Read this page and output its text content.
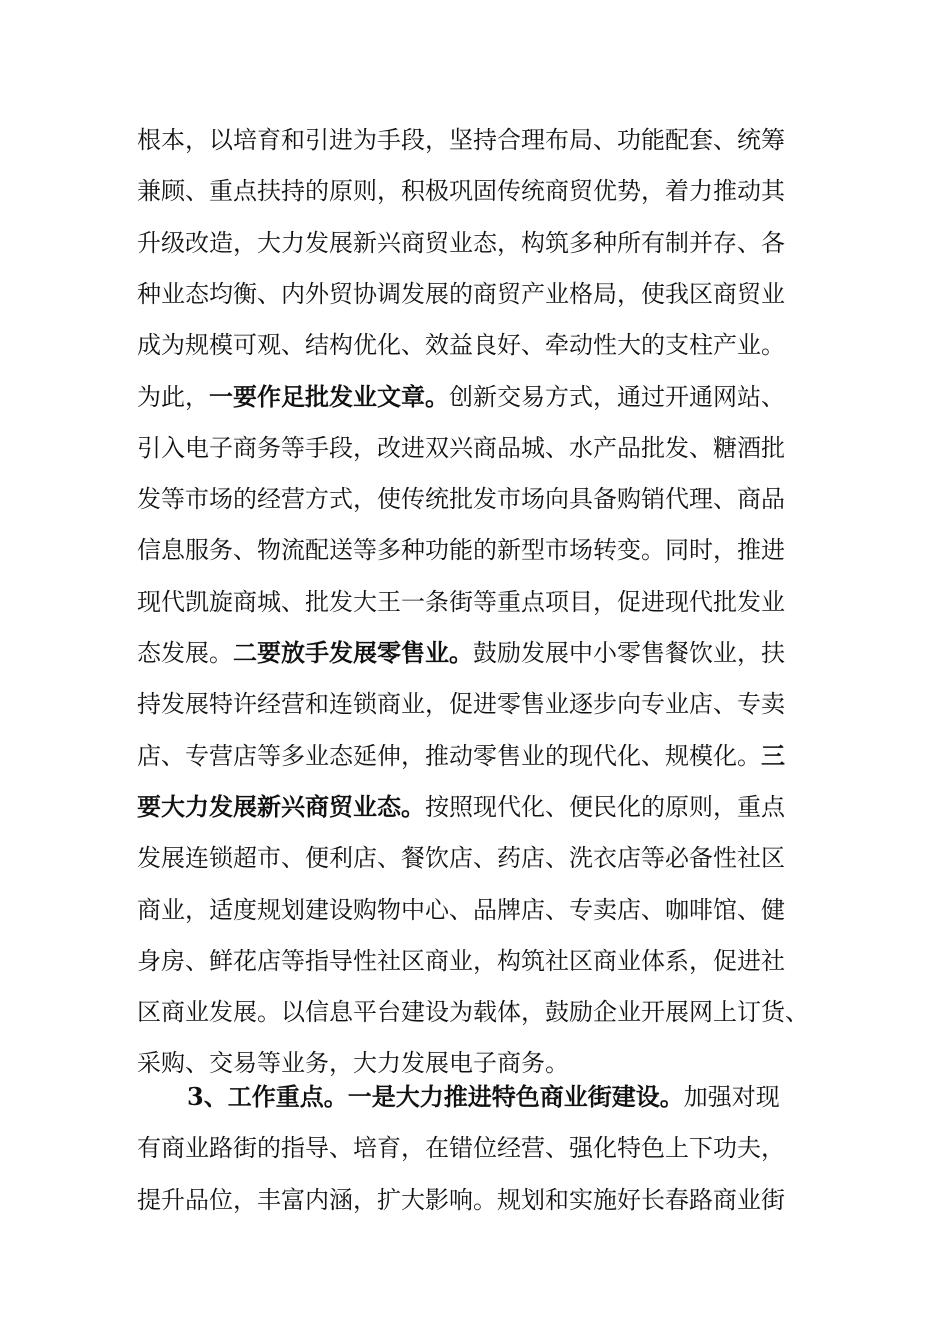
根本，以培育和引进为手段，坚持合理布局、功能配套、统筹
兼顾、重点扶持的原则，积极巩固传统商贸优势，着力推动其
升级改造，大力发展新兴商贸业态，构筑多种所有制并存、各
种业态均衡、内外贸协调发展的商贸产业格局，使我区商贸业
成为规模可观、结构优化、效益良好、牵动性大的支柱产业。
为此，一要作足批发业文章。创新交易方式，通过开通网站、
引入电子商务等手段，改进双兴商品城、水产品批发、糖酒批
发等市场的经营方式，使传统批发市场向具备购销代理、商品
信息服务、物流配送等多种功能的新型市场转变。同时，推进
现代凯旋商城、批发大王一条街等重点项目，促进现代批发业
态发展。二要放手发展零售业。鼓励发展中小零售餐饮业，扶
持发展特许经营和连锁商业，促进零售业逐步向专业店、专卖
店、专营店等多业态延伸，推动零售业的现代化、规模化。三
要大力发展新兴商贸业态。按照现代化、便民化的原则，重点
发展连锁超市、便利店、餐饮店、药店、洗衣店等必备性社区
商业，适度规划建设购物中心、品牌店、专卖店、咖啡馆、健
身房、鲜花店等指导性社区商业，构筑社区商业体系，促进社
区商业发展。以信息平台建设为载体，鼓励企业开展网上订货、
采购、交易等业务，大力发展电子商务。
3、工作重点。一是大力推进特色商业街建设。加强对现
有商业路街的指导、培育，在错位经营、强化特色上下功夫，
提升品位，丰富内涵，扩大影响。规划和实施好长春路商业街
